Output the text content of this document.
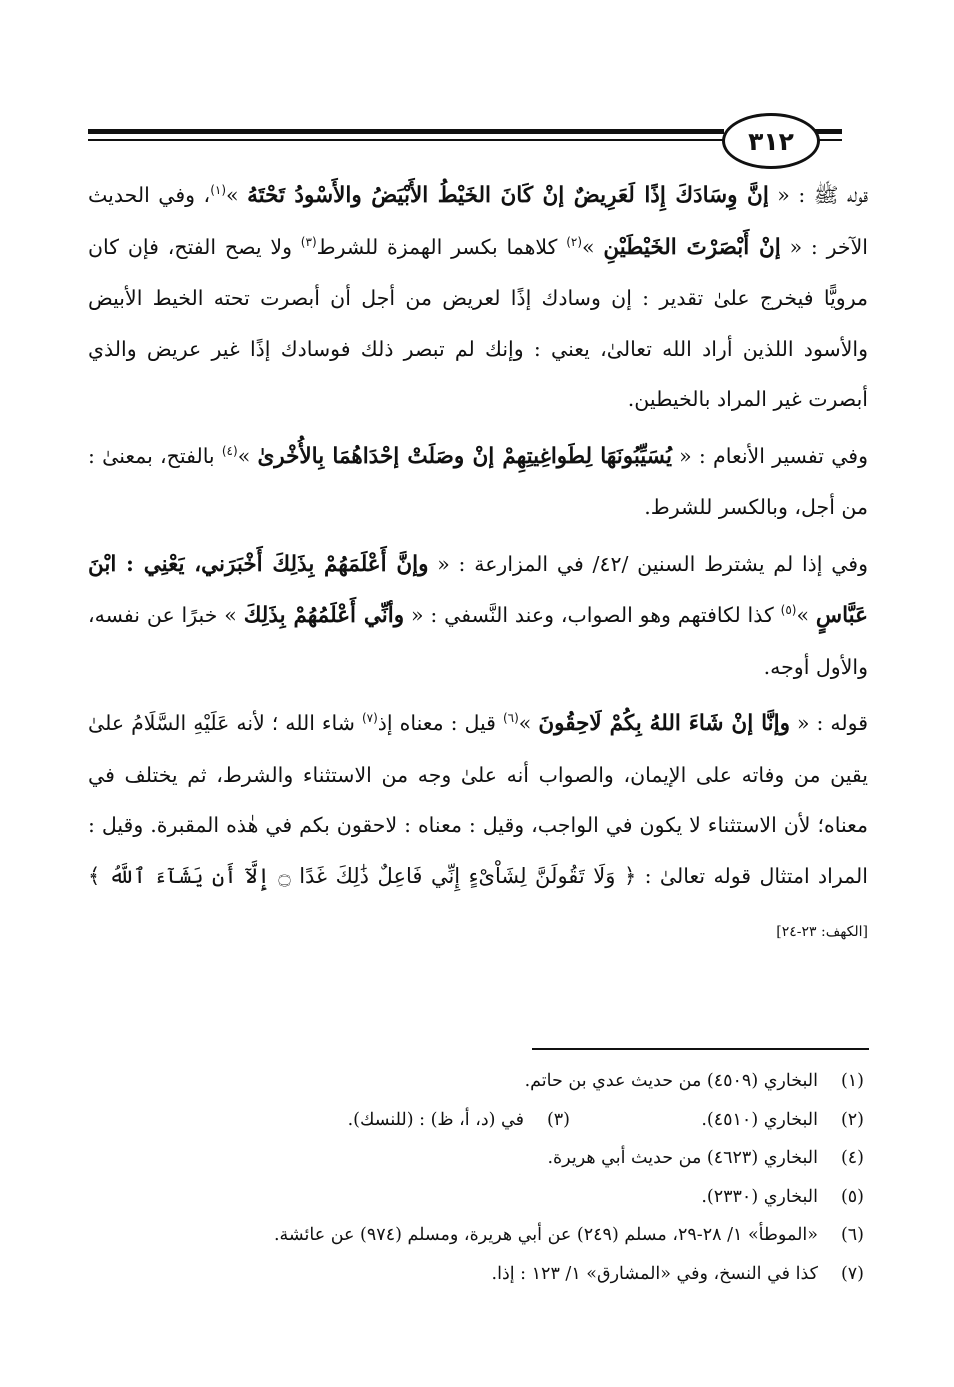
٣١٢

قوله ﷺ : « إنَّ وِسَادَكَ إِذًا لَعَرِيضٌ إنْ كَانَ الخَيْطُ الأَبْيَضُ والأَسْودُ تَحْتَهُ »$^{(١)}$، وفي الحديث الآخر : « إنْ أَبْصَرْتَ الخَيْطَيْنِ »$^{(٢)}$ كلاهما بكسر الهمزة للشرط$^{(٣)}$ ولا يصح الفتح، فإن كان مرويًّا فيخرج علىٰ تقدير : إن وسادك إذًا لعريض من أجل أن أبصرت تحته الخيط الأبيض والأسود اللذين أراد الله تعالىٰ، يعني : وإنك لم تبصر ذلك فوسادك إذًا غير عريض والذي أبصرت غير المراد بالخيطين.

وفي تفسير الأنعام : « يُسَيِّبُونَهَا لِطَواغِيتِهِمْ إنْ وصَلَتْ إحْدَاهُمَا بِالأُخْرىٰ »$^{(٤)}$ بالفتح، بمعنىٰ : من أجل، وبالكسر للشرط.

وفي إذا لم يشترط السنين /٤٢/ في المزارعة : « وإنَّ أَعْلَمَهُمْ بِذَلِكَ أَخْبَرَني، يَعْنِي : ابْنَ عَبَّاسٍ »$^{(٥)}$ كذا لكافتهم وهو الصواب، وعند النَّسفي : « وأنِّي أَعْلَمُهُمْ بِذَلِكَ » خبرًا عن نفسه، والأول أوجه.

قوله : « وإنَّا إنْ شَاءَ اللهُ بِكُمْ لَاحِقُونَ »$^{(٦)}$ قيل : معناه إذ$^{(٧)}$ شاء الله ؛ لأنه عَلَيْهِ السَّلَامُ علىٰ يقين من وفاته على الإيمان، والصواب أنه علىٰ وجه من الاستثناء والشرط، ثم يختلف في معناه؛ لأن الاستثناء لا يكون في الواجب، وقيل : معناه : لاحقون بكم في هٰذه المقبرة. وقيل : المراد امتثال قوله تعالىٰ : ﴿ وَلَا تَقُولَنَّ لِشَاْىْءٍ إِنِّي فَاعِلٌ ذَٰلِكَ غَدًا ۝ إِلَّآ أَن يَشَآءَ ٱللَّهُ ﴾ [الكهف: ٢٣-٢٤]

(١)
البخاري (٤٥٠٩) من حديث عدي بن حاتم.
(٢)
البخاري (٤٥١٠).
(٣)
في (د، أ، ظ) : (للنسك).
(٤)
البخاري (٤٦٢٣) من حديث أبي هريرة.
(٥)
البخاري (٢٣٣٠).
(٦)
«الموطأ» ١/ ٢٨-٢٩، مسلم (٢٤٩) عن أبي هريرة، ومسلم (٩٧٤) عن عائشة.
(٧)
كذا في النسخ، وفي «المشارق» ١/ ١٢٣ : إذا.
